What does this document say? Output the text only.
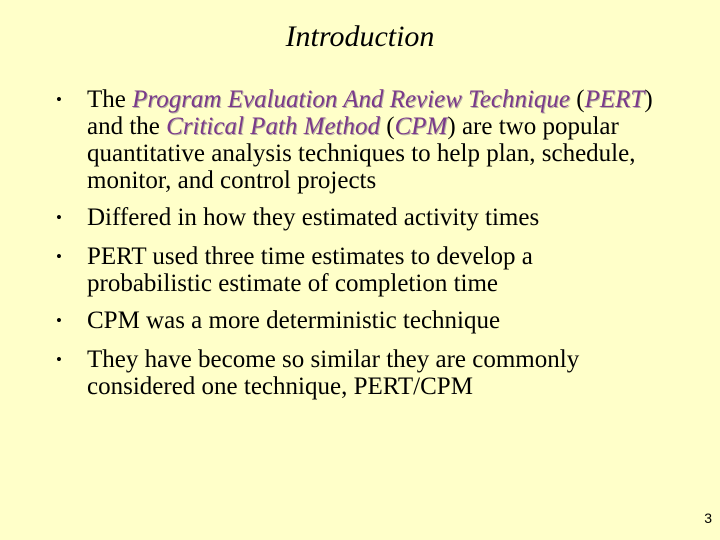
Introduction
• The Program Evaluation And Review Technique (PERT) and the Critical Path Method (CPM) are two popular quantitative analysis techniques to help plan, schedule, monitor, and control projects
• Differed in how they estimated activity times
• PERT used three time estimates to develop a probabilistic estimate of completion time
• CPM was a more deterministic technique
• They have become so similar they are commonly considered one technique, PERT/CPM
3
